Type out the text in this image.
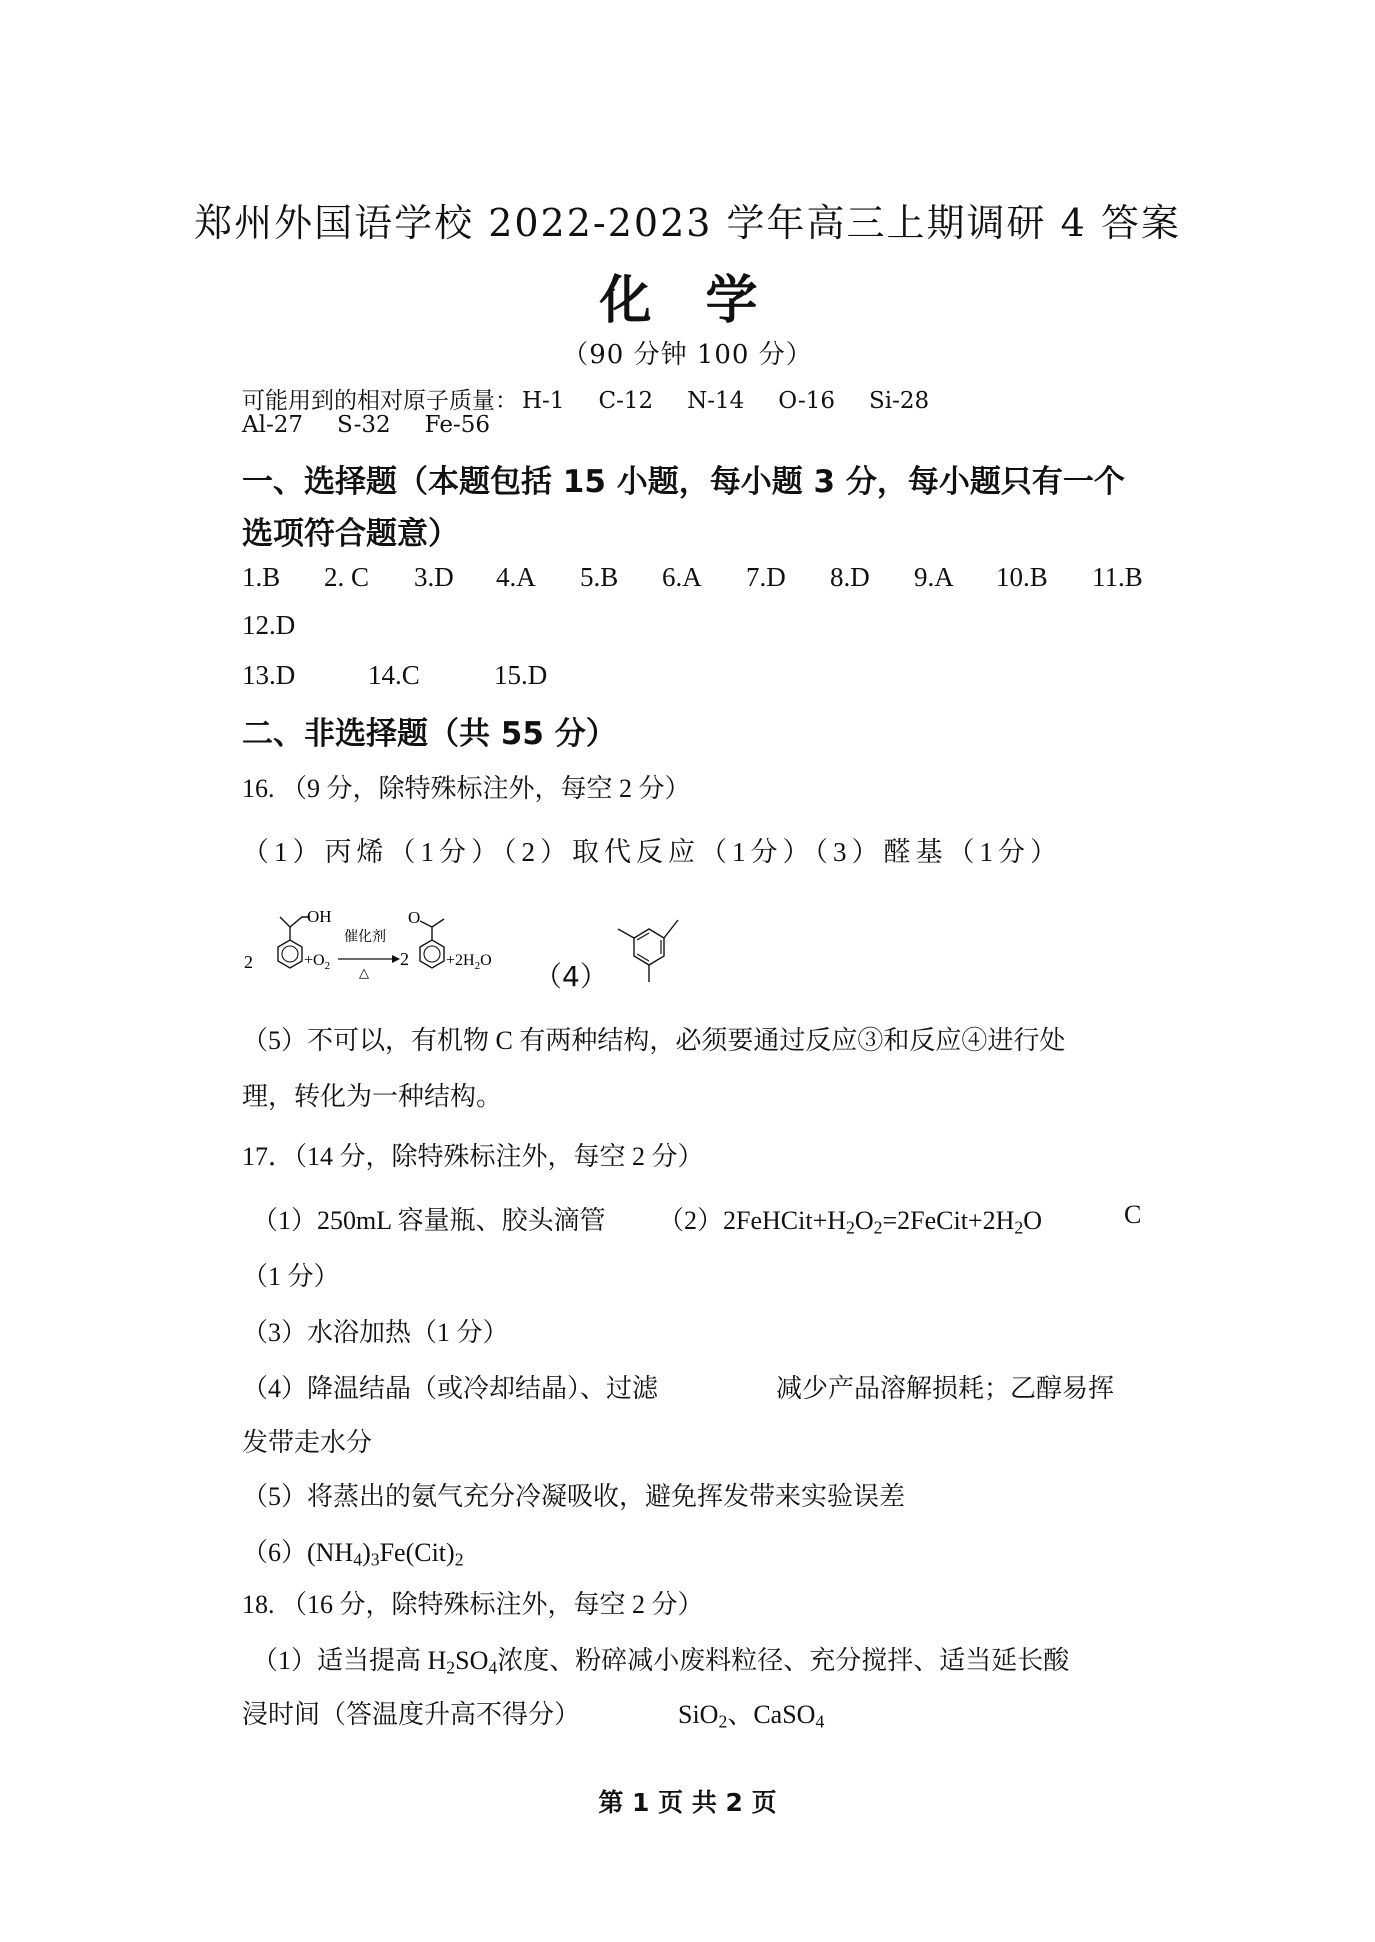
郑州外国语学校 2022-2023 学年高三上期调研 4 答案
化 学
（90 分钟 100 分）
可能用到的相对原子质量： H-1 C-12 N-14 O-16 Si-28
Al-27 S-32 Fe-56
一、选择题（本题包括 15 小题，每小题 3 分，每小题只有一个
选项符合题意）
1.B 2. C 3.D 4.A 5.B 6.A 7.D 8.D 9.A 10.B 11.B
12.D
13.D	14.C	15.D
二、非选择题（共 55 分）
16. （9 分，除特殊标注外，每空 2 分）
（1）丙烯（1分）（2）取代反应（1分）（3）醛基（1分）
2
OH
$+O_2$
催化剂
△
2
O
$+2H_2O$ （4）
（5）不可以，有机物 C 有两种结构，必须要通过反应③和反应④进行处
理，转化为一种结构。
17．（14 分，除特殊标注外，每空 2 分）
（1）250mL 容量瓶、胶头滴管 $(2)2FeHCit+H_2O_2=2FeCit+2H_2O$	C
（1 分）
（3）水浴加热（1 分）
（4）降温结晶（或冷却结晶）、过滤	减少产品溶解损耗；乙醇易挥
发带走水分
（5）将蒸出的氨气充分冷凝吸收，避免挥发带来实验误差
$(6)(NH_4)_3Fe(Cit)_2$
18. （16 分，除特殊标注外，每空 2 分）
（1）适当提高 $H_2SO_4$浓度、粉碎减小废料粒径、充分搅拌、适当延长酸
浸时间（答温度升高不得分）	SiO$_2$、CaSO$_4$
第 1 页 共 2 页
